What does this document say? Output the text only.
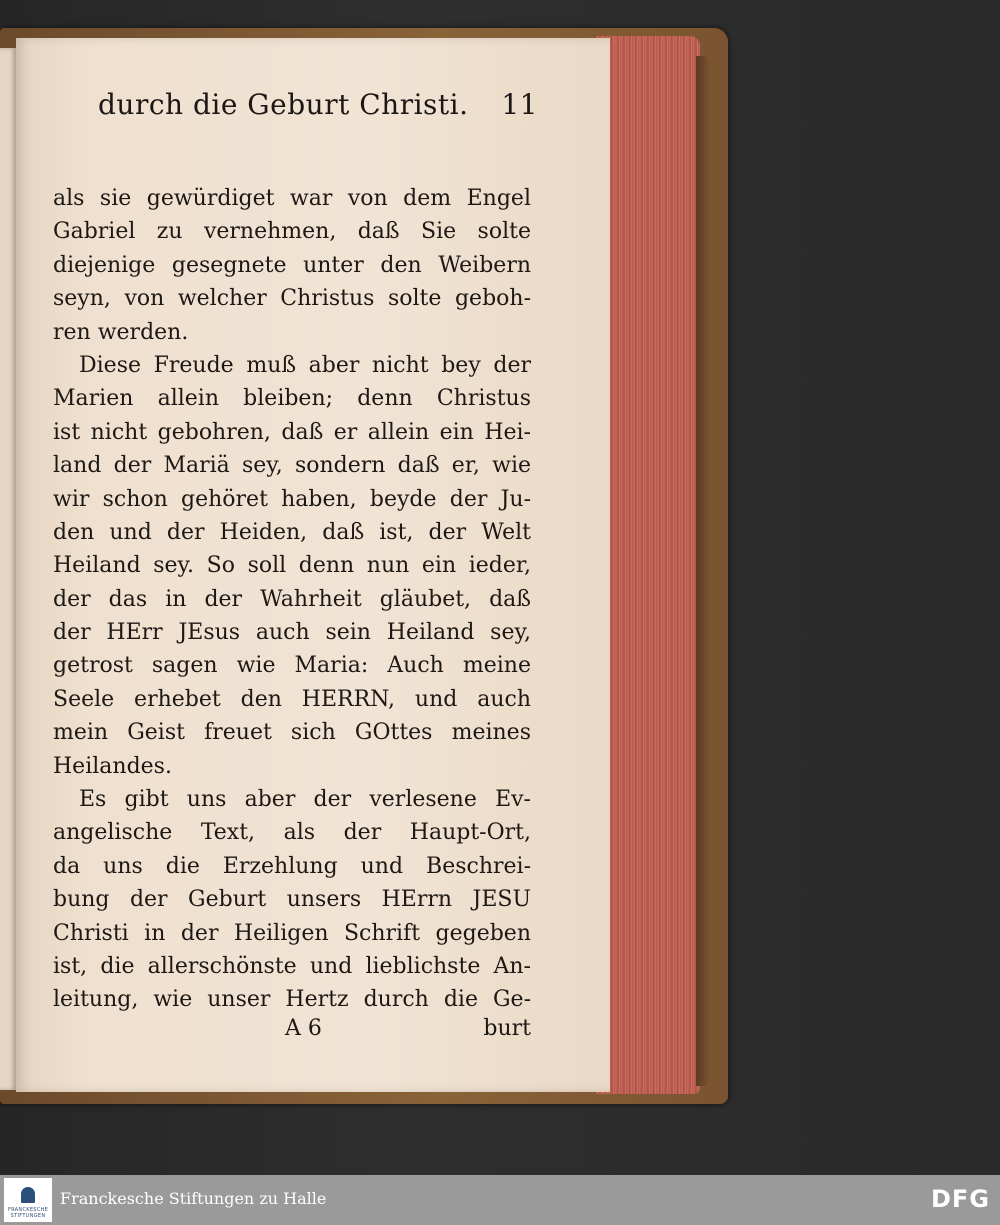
durch die Geburt Christi. 11
als sie gewürdiget war von dem Engel
Gabriel zu vernehmen, daß Sie solte
diejenige gesegnete unter den Weibern
seyn, von welcher Christus solte geboh-
ren werden.
Diese Freude muß aber nicht bey der
Marien allein bleiben; denn Christus
ist nicht gebohren, daß er allein ein Hei-
land der Mariä sey, sondern daß er, wie
wir schon gehöret haben, beyde der Ju-
den und der Heiden, daß ist, der Welt
Heiland sey. So soll denn nun ein ieder,
der das in der Wahrheit gläubet, daß
der HErr JEsus auch sein Heiland sey,
getrost sagen wie Maria: Auch meine
Seele erhebet den HERRN, und auch
mein Geist freuet sich GOttes meines
Heilandes.
Es gibt uns aber der verlesene Ev-
angelische Text, als der Haupt-Ort,
da uns die Erzehlung und Beschrei-
bung der Geburt unsers HErrn JESU
Christi in der Heiligen Schrift gegeben
ist, die allerschönste und lieblichste An-
leitung, wie unser Hertz durch die Ge-
A 6	burt
FRANCKESCHE STIFTUNGEN
Franckesche Stiftungen zu Halle	DFG
